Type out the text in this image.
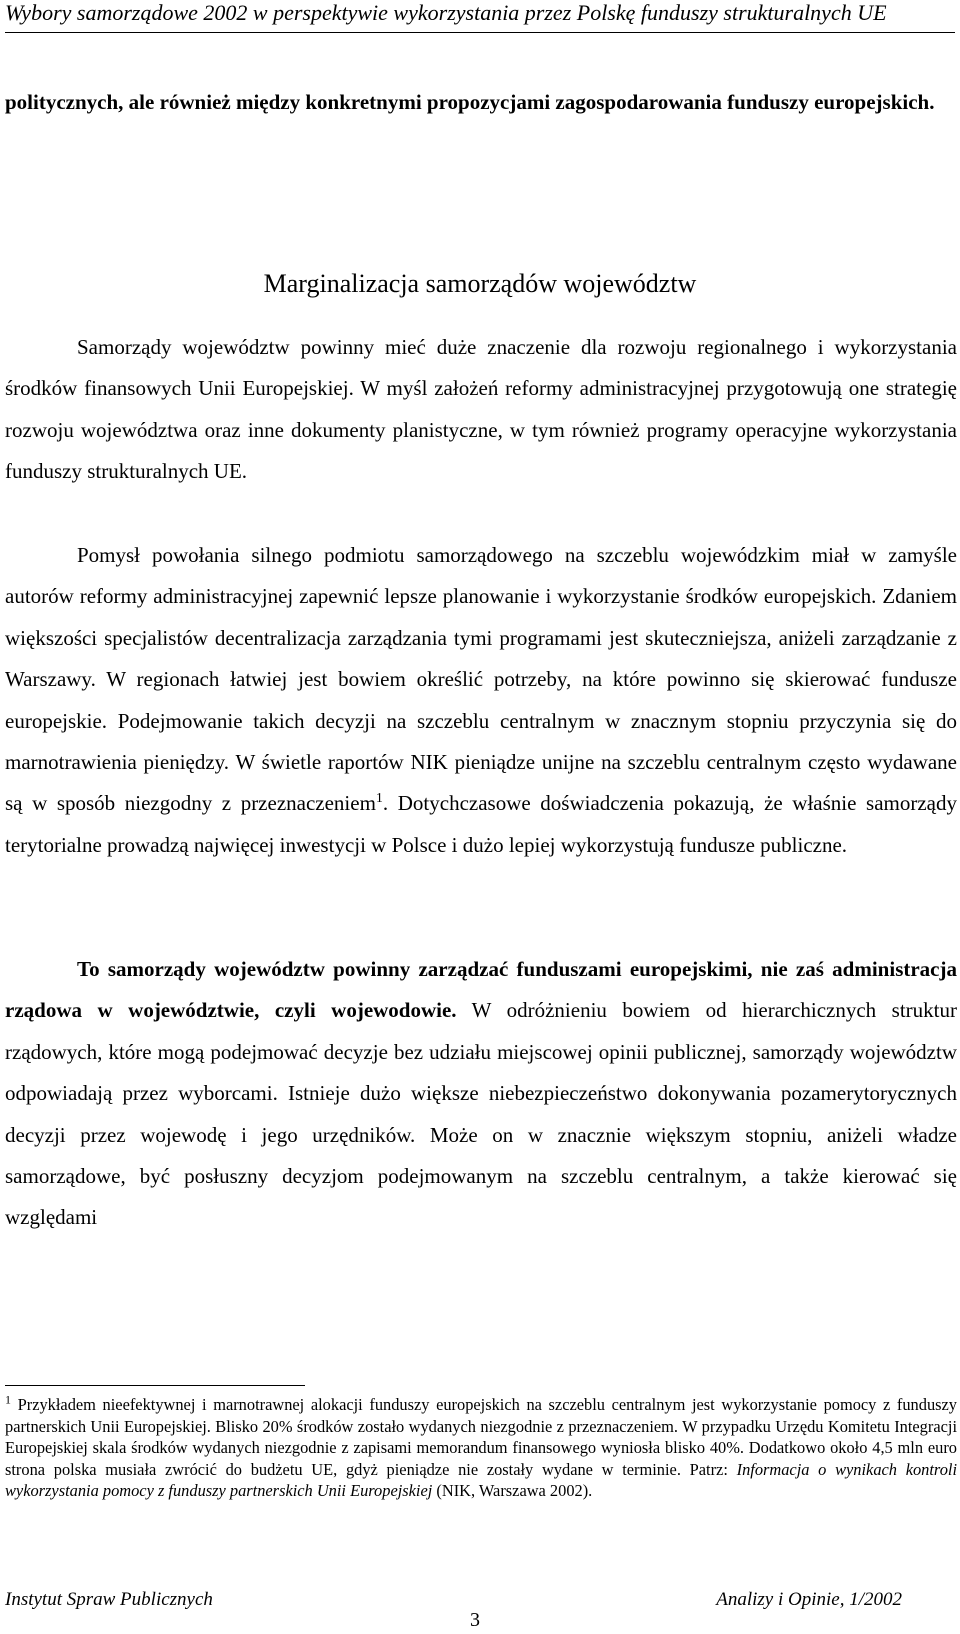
Wybory samorządowe 2002 w perspektywie wykorzystania przez Polskę funduszy strukturalnych UE

politycznych, ale również między konkretnymi propozycjami zagospodarowania funduszy europejskich.

Marginalizacja samorządów województw

Samorządy województw powinny mieć duże znaczenie dla rozwoju regionalnego i wykorzystania środków finansowych Unii Europejskiej. W myśl założeń reformy administracyjnej przygotowują one strategię rozwoju województwa oraz inne dokumenty planistyczne, w tym również programy operacyjne wykorzystania funduszy strukturalnych UE.

Pomysł powołania silnego podmiotu samorządowego na szczeblu wojewódzkim miał w zamyśle autorów reformy administracyjnej zapewnić lepsze planowanie i wykorzystanie środków europejskich. Zdaniem większości specjalistów decentralizacja zarządzania tymi programami jest skuteczniejsza, aniżeli zarządzanie z Warszawy. W regionach łatwiej jest bowiem określić potrzeby, na które powinno się skierować fundusze europejskie. Podejmowanie takich decyzji na szczeblu centralnym w znacznym stopniu przyczynia się do marnotrawienia pieniędzy. W świetle raportów NIK pieniądze unijne na szczeblu centralnym często wydawane są w sposób niezgodny z przeznaczeniem$^1$. Dotychczasowe doświadczenia pokazują, że właśnie samorządy terytorialne prowadzą najwięcej inwestycji w Polsce i dużo lepiej wykorzystują fundusze publiczne.

To samorządy województw powinny zarządzać funduszami europejskimi, nie zaś administracja rządowa w województwie, czyli wojewodowie. W odróżnieniu bowiem od hierarchicznych struktur rządowych, które mogą podejmować decyzje bez udziału miejscowej opinii publicznej, samorządy województw odpowiadają przez wyborcami. Istnieje dużo większe niebezpieczeństwo dokonywania pozamerytorycznych decyzji przez wojewodę i jego urzędników. Może on w znacznie większym stopniu, aniżeli władze samorządowe, być posłuszny decyzjom podejmowanym na szczeblu centralnym, a także kierować się względami

$^1$ Przykładem nieefektywnej i marnotrawnej alokacji funduszy europejskich na szczeblu centralnym jest wykorzystanie pomocy z funduszy partnerskich Unii Europejskiej. Blisko 20% środków zostało wydanych niezgodnie z przeznaczeniem. W przypadku Urzędu Komitetu Integracji Europejskiej skala środków wydanych niezgodnie z zapisami memorandum finansowego wyniosła blisko 40%. Dodatkowo około 4,5 mln euro strona polska musiała zwrócić do budżetu UE, gdyż pieniądze nie zostały wydane w terminie. Patrz: Informacja o wynikach kontroli wykorzystania pomocy z funduszy partnerskich Unii Europejskiej (NIK, Warszawa 2002).

Instytut Spraw Publicznych	Analizy i Opinie, 1/2002
3
